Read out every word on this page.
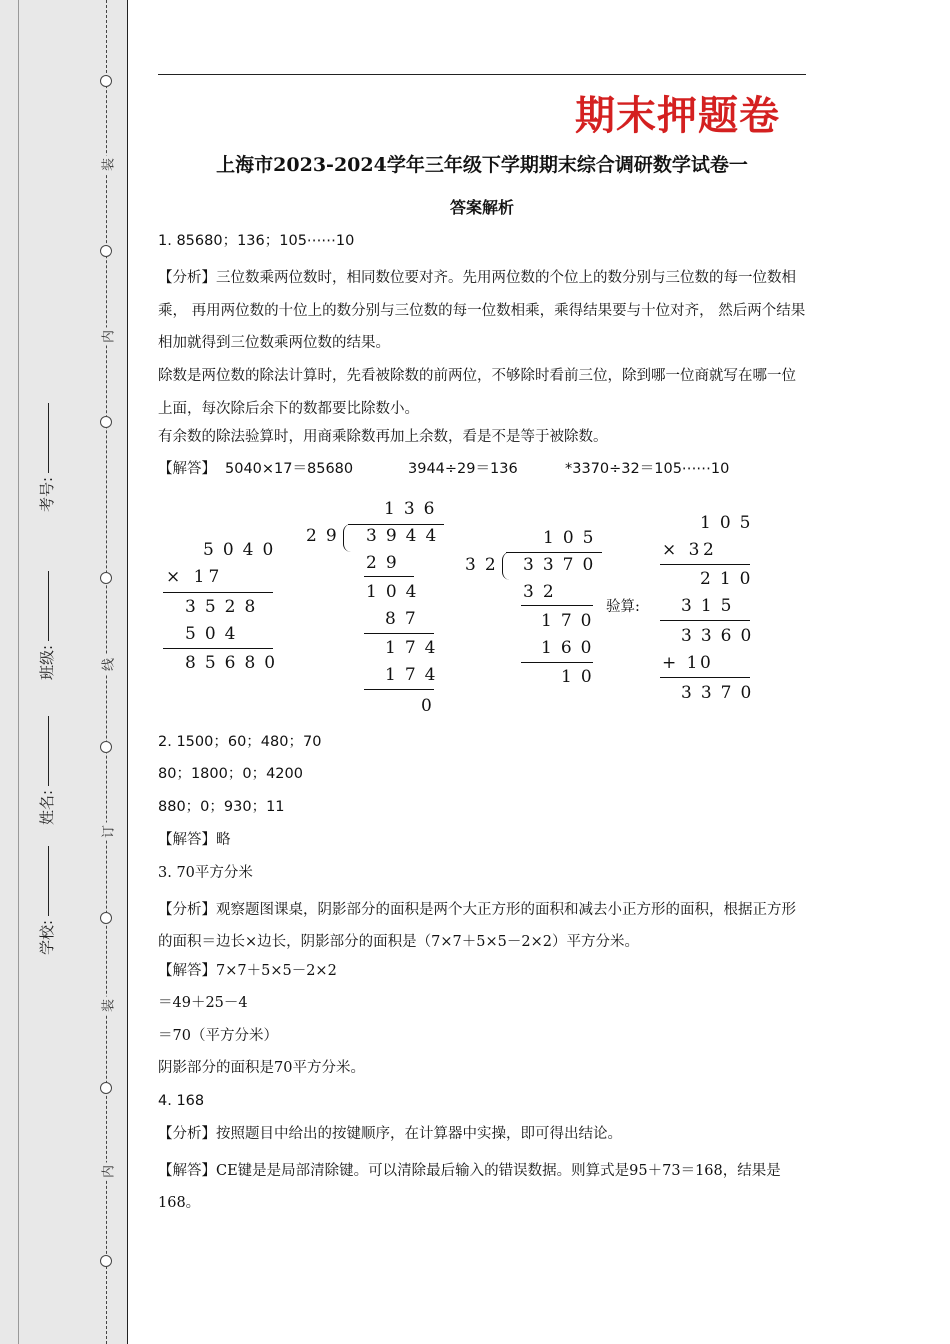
装
内
线
订
装
内
学校:
姓名:
班级:
考号:
期末押题卷
上海市2023-2024学年三年级下学期期末综合调研数学试卷一
答案解析
1. 85680；136；105⋯⋯10
【分析】三位数乘两位数时，相同数位要对齐。先用两位数的个位上的数分别与三位数的每一位数相乘， 再用两位数的十位上的数分别与三位数的每一位数相乘，乘得结果要与十位对齐， 然后两个结果相加就得到三位数乘两位数的结果。
除数是两位数的除法计算时，先看被除数的前两位，不够除时看前三位，除到哪一位商就写在哪一位上面，每次除后余下的数都要比除数小。
有余数的除法验算时，用商乘除数再加上余数，看是不是等于被除数。
【解答】 5040×17＝85680	3944÷29＝136	*3370÷32＝105⋯⋯10
5040
× 17
3528
504
85680
136
29 3944
29
104
87
174
174
0
105
32 3370
32
170
160
10
验算:
105
× 32
210
315
3360
+ 10
3370
2. 1500；60；480；70
80；1800；0；4200
880；0；930；11
【解答】略
3. 70平方分米
【分析】观察题图课桌，阴影部分的面积是两个大正方形的面积和减去小正方形的面积，根据正方形的面积＝边长×边长，阴影部分的面积是（7×7＋5×5－2×2）平方分米。
【解答】7×7＋5×5－2×2
＝49＋25－4
＝70（平方分米）
阴影部分的面积是70平方分米。
4. 168
【分析】按照题目中给出的按键顺序，在计算器中实操，即可得出结论。
【解答】CE键是是局部清除键。可以清除最后输入的错误数据。则算式是95＋73＝168，结果是168。
